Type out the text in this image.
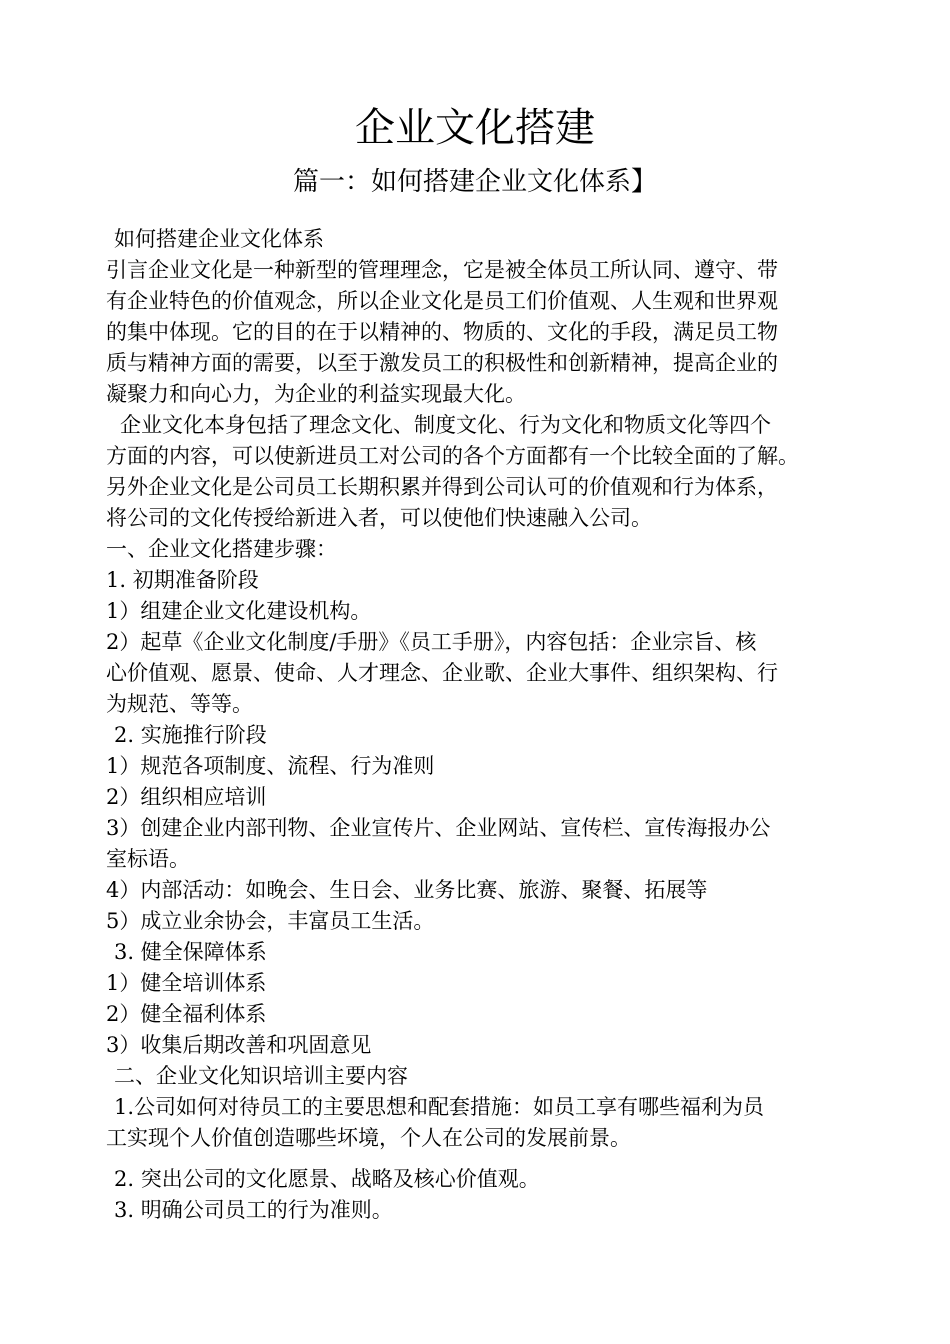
企业文化搭建
篇一：如何搭建企业文化体系】
如何搭建企业文化体系
引言企业文化是一种新型的管理理念，它是被全体员工所认同、遵守、带
有企业特色的价值观念，所以企业文化是员工们价值观、人生观和世界观
的集中体现。它的目的在于以精神的、物质的、文化的手段，满足员工物
质与精神方面的需要，以至于激发员工的积极性和创新精神，提高企业的
凝聚力和向心力，为企业的利益实现最大化。
企业文化本身包括了理念文化、制度文化、行为文化和物质文化等四个
方面的内容，可以使新进员工对公司的各个方面都有一个比较全面的了解。
另外企业文化是公司员工长期积累并得到公司认可的价值观和行为体系，
将公司的文化传授给新进入者，可以使他们快速融入公司。
一、企业文化搭建步骤：
1. 初期准备阶段
1）组建企业文化建设机构。
2）起草《企业文化制度/手册》《员工手册》，内容包括：企业宗旨、核
心价值观、愿景、使命、人才理念、企业歌、企业大事件、组织架构、行
为规范、等等。
2. 实施推行阶段
1）规范各项制度、流程、行为准则
2）组织相应培训
3）创建企业内部刊物、企业宣传片、企业网站、宣传栏、宣传海报办公
室标语。
4）内部活动：如晚会、生日会、业务比赛、旅游、聚餐、拓展等
5）成立业余协会，丰富员工生活。
3. 健全保障体系
1）健全培训体系
2）健全福利体系
3）收集后期改善和巩固意见
二、企业文化知识培训主要内容
1.公司如何对待员工的主要思想和配套措施：如员工享有哪些福利为员
工实现个人价值创造哪些坏境，个人在公司的发展前景。
2. 突出公司的文化愿景、战略及核心价值观。
3. 明确公司员工的行为准则。
